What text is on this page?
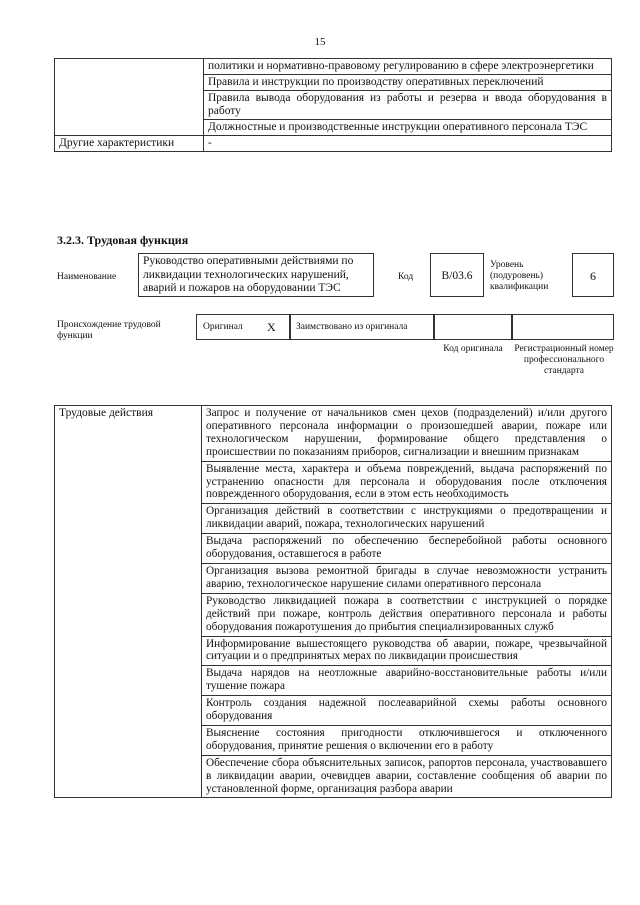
15
	политики и нормативно-правовому регулированию в сфере электроэнергетики
	Правила и инструкции по производству оперативных переключений
	Правила вывода оборудования из работы и резерва и ввода оборудования в работу
	Должностные и производственные инструкции оперативного персонала ТЭС
Другие характеристики	-
3.2.3. Трудовая функция
Наименование
Руководство оперативными действиями по ликвидации технологических нарушений, аварий и пожаров на оборудовании ТЭС
Код	B/03.6
Уровень (подуровень) квалификации
6
Происхождение трудовой функции
Оригинал X Заимствовано из оригинала
Код оригинала	Регистрационный номер профессионального стандарта
Трудовые действия	Запрос и получение от начальников смен цехов (подразделений) и/или другого оперативного персонала информации о произошедшей аварии, пожаре или технологическом нарушении, формирование общего представления о происшествии по показаниям приборов, сигнализации и внешним признакам
Выявление места, характера и объема повреждений, выдача распоряжений по устранению опасности для персонала и оборудования после отключения поврежденного оборудования, если в этом есть необходимость
Организация действий в соответствии с инструкциями о предотвращении и ликвидации аварий, пожара, технологических нарушений
Выдача распоряжений по обеспечению бесперебойной работы основного оборудования, оставшегося в работе
Организация вызова ремонтной бригады в случае невозможности устранить аварию, технологическое нарушение силами оперативного персонала
Руководство ликвидацией пожара в соответствии с инструкцией о порядке действий при пожаре, контроль действия оперативного персонала и работы оборудования пожаротушения до прибытия специализированных служб
Информирование вышестоящего руководства об аварии, пожаре, чрезвычайной ситуации и о предпринятых мерах по ликвидации происшествия
Выдача нарядов на неотложные аварийно-восстановительные работы и/или тушение пожара
Контроль создания надежной послеаварийной схемы работы основного оборудования
Выяснение состояния пригодности отключившегося и отключенного оборудования, принятие решения о включении его в работу
Обеспечение сбора объяснительных записок, рапортов персонала, участвовавшего в ликвидации аварии, очевидцев аварии, составление сообщения об аварии по установленной форме, организация разбора аварии
